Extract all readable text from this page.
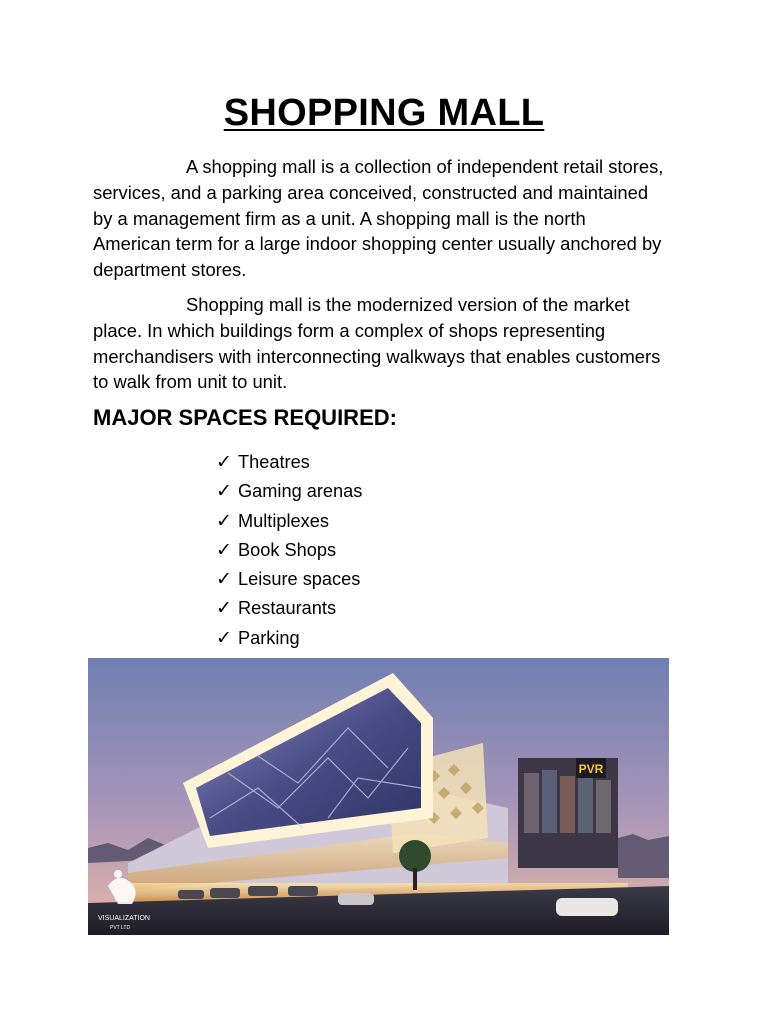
SHOPPING MALL

A shopping mall is a collection of independent retail stores, services, and a parking area conceived, constructed and maintained by a management firm as a unit. A shopping mall is the north American term for a large indoor shopping center usually anchored by department stores.

Shopping mall is the modernized version of the market place. In which buildings form a complex of shops representing merchandisers with interconnecting walkways that enables customers to walk from unit to unit.

MAJOR SPACES REQUIRED:
✓ Theatres
✓ Gaming arenas
✓ Multiplexes
✓ Book Shops
✓ Leisure spaces
✓ Restaurants
✓ Parking
PVR
VISUALIZATION
PVT LTD
